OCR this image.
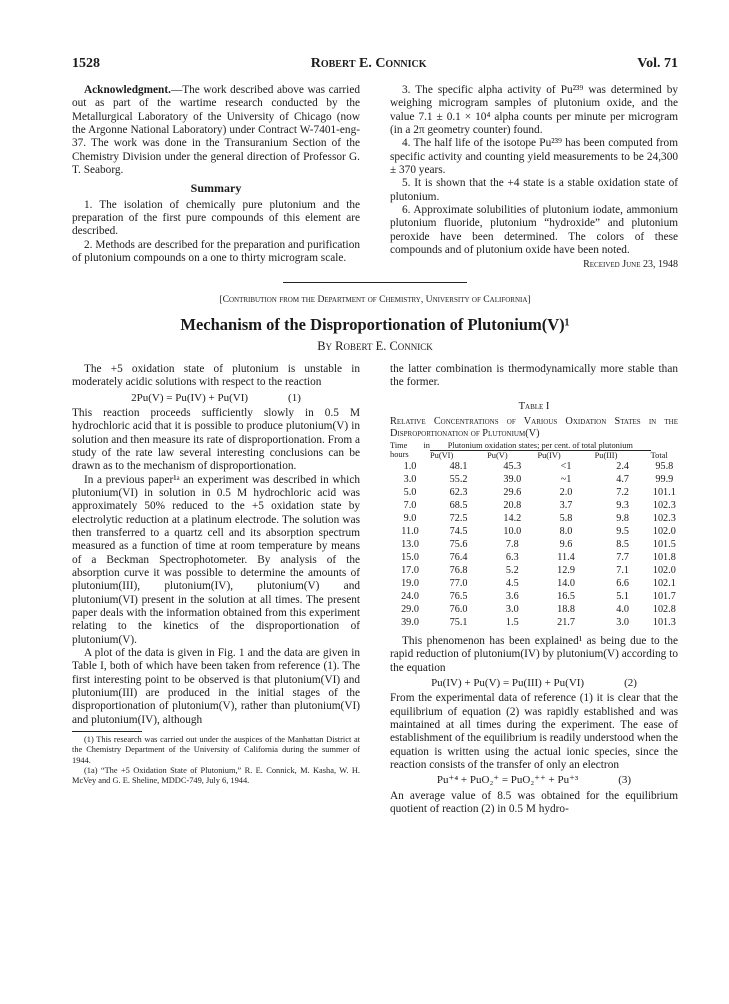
1528	Robert E. Connick	Vol. 71

Acknowledgment.—The work described above was carried out as part of the wartime research conducted by the Metallurgical Laboratory of the University of Chicago (now the Argonne National Laboratory) under Contract W-7401-eng-37. The work was done in the Transuranium Section of the Chemistry Division under the general direction of Professor G. T. Seaborg.

Summary

1. The isolation of chemically pure plutonium and the preparation of the first pure compounds of this element are described.

2. Methods are described for the preparation and purification of plutonium compounds on a one to thirty microgram scale.

3. The specific alpha activity of Pu²³⁹ was determined by weighing microgram samples of plutonium oxide, and the value 7.1 ± 0.1 × 10⁴ alpha counts per minute per microgram (in a 2π geometry counter) found.

4. The half life of the isotope Pu²³⁹ has been computed from specific activity and counting yield measurements to be 24,300 ± 370 years.

5. It is shown that the +4 state is a stable oxidation state of plutonium.

6. Approximate solubilities of plutonium iodate, ammonium plutonium fluoride, plutonium “hydroxide” and plutonium peroxide have been determined. The colors of these compounds and of plutonium oxide have been noted.

Received June 23, 1948
[Contribution from the Department of Chemistry, University of California]
Mechanism of the Disproportionation of Plutonium(V)¹
By Robert E. Connick

The +5 oxidation state of plutonium is unstable in moderately acidic solutions with respect to the reaction

2Pu(V) = Pu(IV) + Pu(VI)	(1)

This reaction proceeds sufficiently slowly in 0.5 M hydrochloric acid that it is possible to produce plutonium(V) in solution and then measure its rate of disproportionation. From a study of the rate law several interesting conclusions can be drawn as to the mechanism of disproportionation.

In a previous paper¹ᵃ an experiment was described in which plutonium(VI) in solution in 0.5 M hydrochloric acid was approximately 50% reduced to the +5 oxidation state by electrolytic reduction at a platinum electrode. The solution was then transferred to a quartz cell and its absorption spectrum measured as a function of time at room temperature by means of a Beckman Spectrophotometer. By analysis of the absorption curve it was possible to determine the amounts of plutonium(III), plutonium(IV), plutonium(V) and plutonium(VI) present in the solution at all times. The present paper deals with the information obtained from this experiment relating to the kinetics of the disproportionation of plutonium(V).

A plot of the data is given in Fig. 1 and the data are given in Table I, both of which have been taken from reference (1). The first interesting point to be observed is that plutonium(VI) and plutonium(III) are produced in the initial stages of the disproportionation of plutonium(V), rather than plutonium(VI) and plutonium(IV), although

(1) This research was carried out under the auspices of the Manhattan District at the Chemistry Department of the University of California during the summer of 1944.

(1a) “The +5 Oxidation State of Plutonium,” R. E. Connick, M. Kasha, W. H. McVey and G. E. Sheline, MDDC-749, July 6, 1944.

the latter combination is thermodynamically more stable than the former.

Table I
Relative Concentrations of Various Oxidation States in the Disproportionation of Plutonium(V)
Time in hours	Plutonium oxidation states; per cent. of total plutonium				
	Pu(VI)	Pu(V)	Pu(IV)	Pu(III)	Total
1.0	48.1	45.3	<1	2.4	95.8
3.0	55.2	39.0	~1	4.7	99.9
5.0	62.3	29.6	2.0	7.2	101.1
7.0	68.5	20.8	3.7	9.3	102.3
9.0	72.5	14.2	5.8	9.8	102.3
11.0	74.5	10.0	8.0	9.5	102.0
13.0	75.6	7.8	9.6	8.5	101.5
15.0	76.4	6.3	11.4	7.7	101.8
17.0	76.8	5.2	12.9	7.1	102.0
19.0	77.0	4.5	14.0	6.6	102.1
24.0	76.5	3.6	16.5	5.1	101.7
29.0	76.0	3.0	18.8	4.0	102.8
39.0	75.1	1.5	21.7	3.0	101.3

This phenomenon has been explained¹ as being due to the rapid reduction of plutonium(IV) by plutonium(V) according to the equation

Pu(IV) + Pu(V) = Pu(III) + Pu(VI)	(2)

From the experimental data of reference (1) it is clear that the equilibrium of equation (2) was rapidly established and was maintained at all times during the experiment. The ease of establishment of the equilibrium is readily understood when the equation is written using the actual ionic species, since the reaction consists of the transfer of only an electron

Pu⁺⁴ + PuO₂⁺ = PuO₂⁺⁺ + Pu⁺³	(3)

An average value of 8.5 was obtained for the equilibrium quotient of reaction (2) in 0.5 M hydro-
